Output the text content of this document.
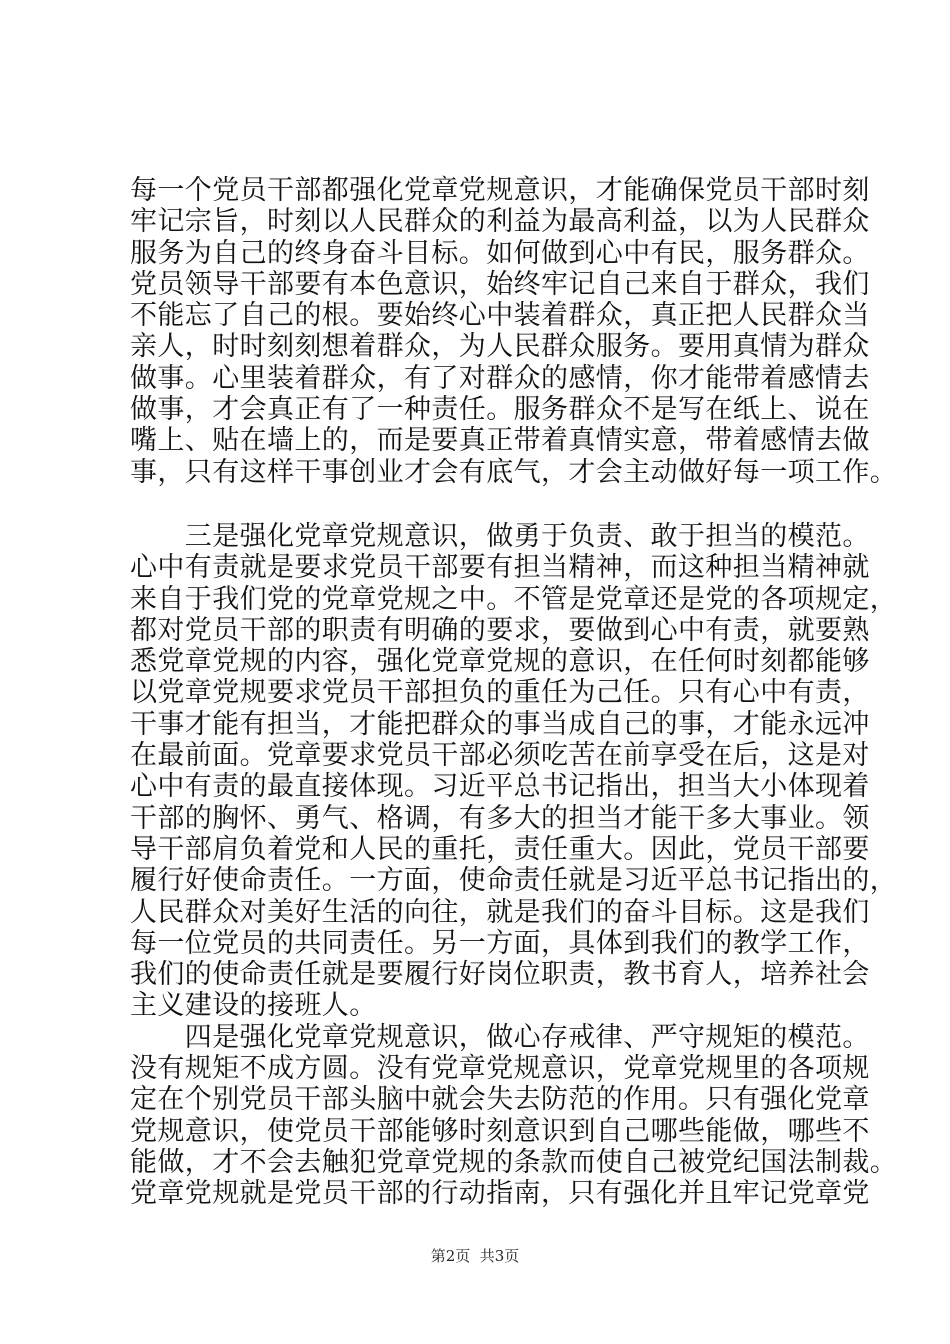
每一个党员干部都强化党章党规意识，才能确保党员干部时刻
牢记宗旨，时刻以人民群众的利益为最高利益，以为人民群众
服务为自己的终身奋斗目标。如何做到心中有民，服务群众。
党员领导干部要有本色意识，始终牢记自己来自于群众，我们
不能忘了自己的根。要始终心中装着群众，真正把人民群众当
亲人，时时刻刻想着群众，为人民群众服务。要用真情为群众
做事。心里装着群众，有了对群众的感情，你才能带着感情去
做事，才会真正有了一种责任。服务群众不是写在纸上、说在
嘴上、贴在墙上的，而是要真正带着真情实意，带着感情去做
事，只有这样干事创业才会有底气，才会主动做好每一项工作。
　　三是强化党章党规意识，做勇于负责、敢于担当的模范。
心中有责就是要求党员干部要有担当精神，而这种担当精神就
来自于我们党的党章党规之中。不管是党章还是党的各项规定，
都对党员干部的职责有明确的要求，要做到心中有责，就要熟
悉党章党规的内容，强化党章党规的意识，在任何时刻都能够
以党章党规要求党员干部担负的重任为己任。只有心中有责，
干事才能有担当，才能把群众的事当成自己的事，才能永远冲
在最前面。党章要求党员干部必须吃苦在前享受在后，这是对
心中有责的最直接体现。习近平总书记指出，担当大小体现着
干部的胸怀、勇气、格调，有多大的担当才能干多大事业。领
导干部肩负着党和人民的重托，责任重大。因此，党员干部要
履行好使命责任。一方面，使命责任就是习近平总书记指出的，
人民群众对美好生活的向往，就是我们的奋斗目标。这是我们
每一位党员的共同责任。另一方面，具体到我们的教学工作，
我们的使命责任就是要履行好岗位职责，教书育人，培养社会
主义建设的接班人。
　　四是强化党章党规意识，做心存戒律、严守规矩的模范。
没有规矩不成方圆。没有党章党规意识，党章党规里的各项规
定在个别党员干部头脑中就会失去防范的作用。只有强化党章
党规意识，使党员干部能够时刻意识到自己哪些能做，哪些不
能做，才不会去触犯党章党规的条款而使自己被党纪国法制裁。
党章党规就是党员干部的行动指南，只有强化并且牢记党章党
第2页  共3页
